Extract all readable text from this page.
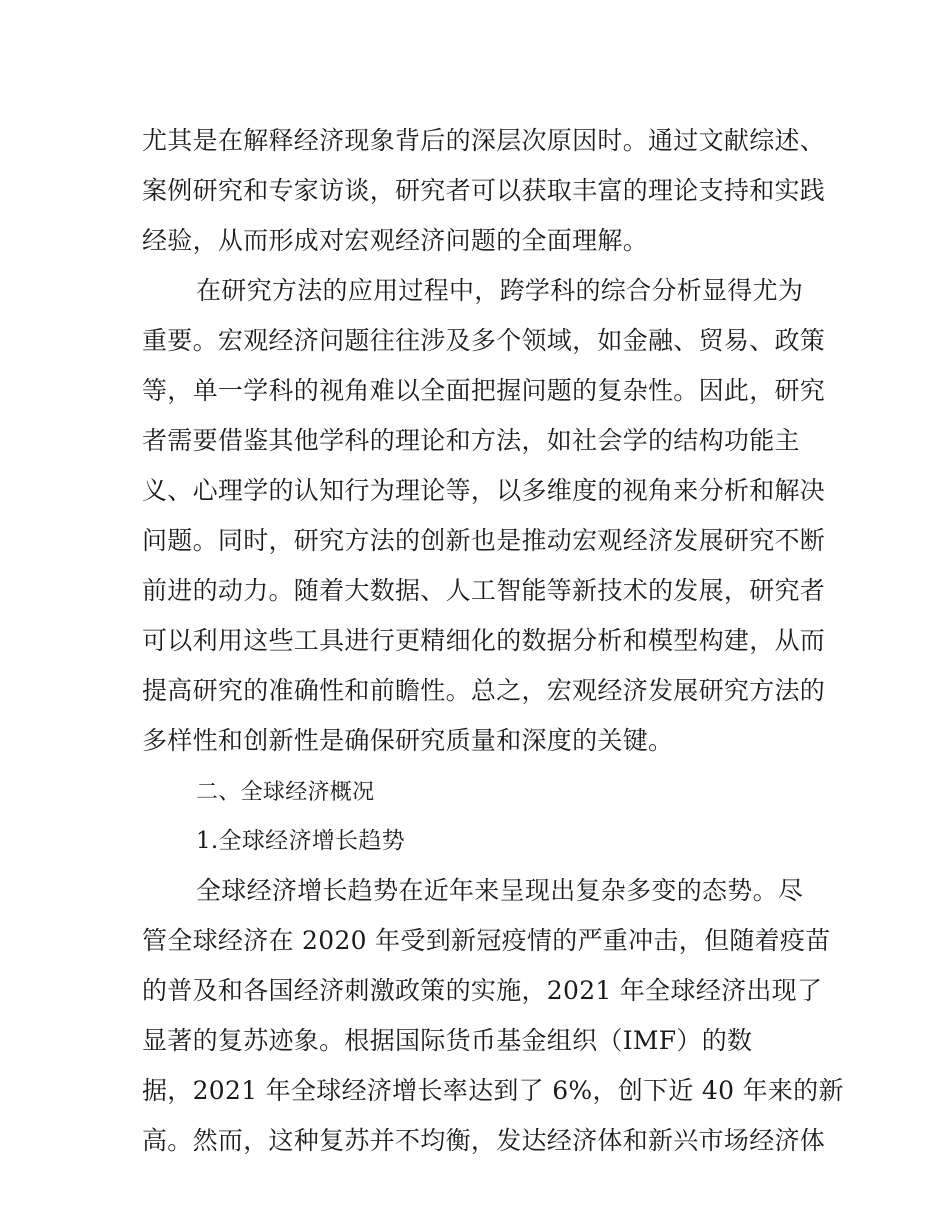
尤其是在解释经济现象背后的深层次原因时。通过文献综述、
案例研究和专家访谈，研究者可以获取丰富的理论支持和实践
经验，从而形成对宏观经济问题的全面理解。
在研究方法的应用过程中，跨学科的综合分析显得尤为
重要。宏观经济问题往往涉及多个领域，如金融、贸易、政策
等，单一学科的视角难以全面把握问题的复杂性。因此，研究
者需要借鉴其他学科的理论和方法，如社会学的结构功能主
义、心理学的认知行为理论等，以多维度的视角来分析和解决
问题。同时，研究方法的创新也是推动宏观经济发展研究不断
前进的动力。随着大数据、人工智能等新技术的发展，研究者
可以利用这些工具进行更精细化的数据分析和模型构建，从而
提高研究的准确性和前瞻性。总之，宏观经济发展研究方法的
多样性和创新性是确保研究质量和深度的关键。
二、全球经济概况
1.全球经济增长趋势
全球经济增长趋势在近年来呈现出复杂多变的态势。尽
管全球经济在 2020 年受到新冠疫情的严重冲击，但随着疫苗
的普及和各国经济刺激政策的实施，2021 年全球经济出现了
显著的复苏迹象。根据国际货币基金组织（IMF）的数
据，2021 年全球经济增长率达到了 6%，创下近 40 年来的新
高。然而，这种复苏并不均衡，发达经济体和新兴市场经济体
